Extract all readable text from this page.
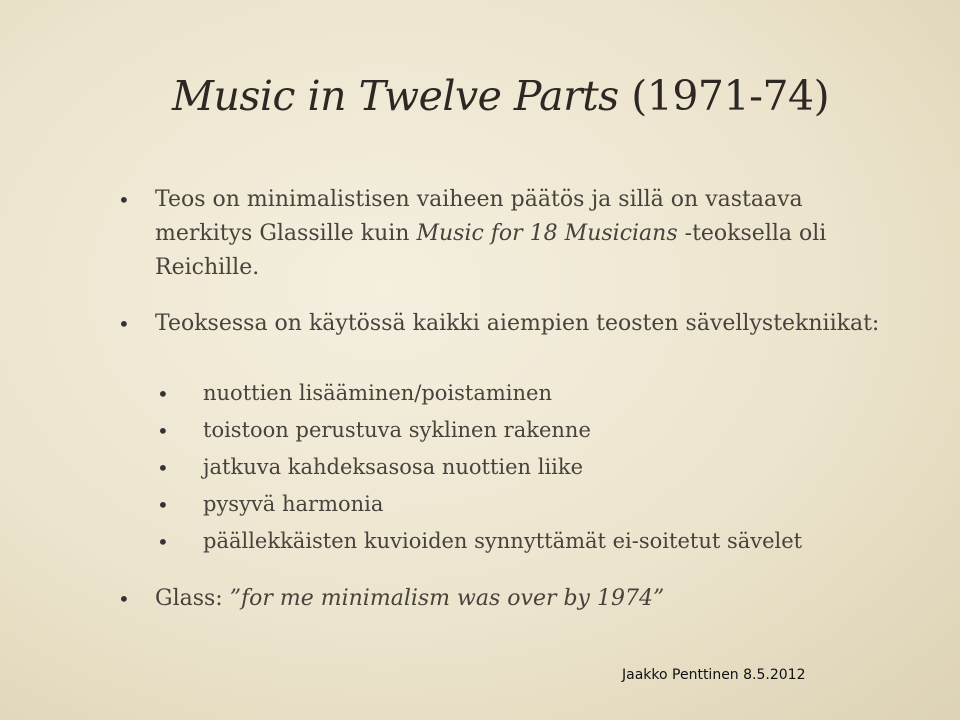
Music in Twelve Parts (1971-74)
• Teos on minimalistisen vaiheen päätös ja sillä on vastaava merkitys Glassille kuin Music for 18 Musicians -teoksella oli Reichille.
• Teoksessa on käytössä kaikki aiempien teosten sävellystekniikat:
• nuottien lisääminen/poistaminen
• toistoon perustuva syklinen rakenne
• jatkuva kahdeksasosa nuottien liike
• pysyvä harmonia
• päällekkäisten kuvioiden synnyttämät ei-soitetut sävelet
• Glass: ”for me minimalism was over by 1974”
Jaakko Penttinen 8.5.2012
